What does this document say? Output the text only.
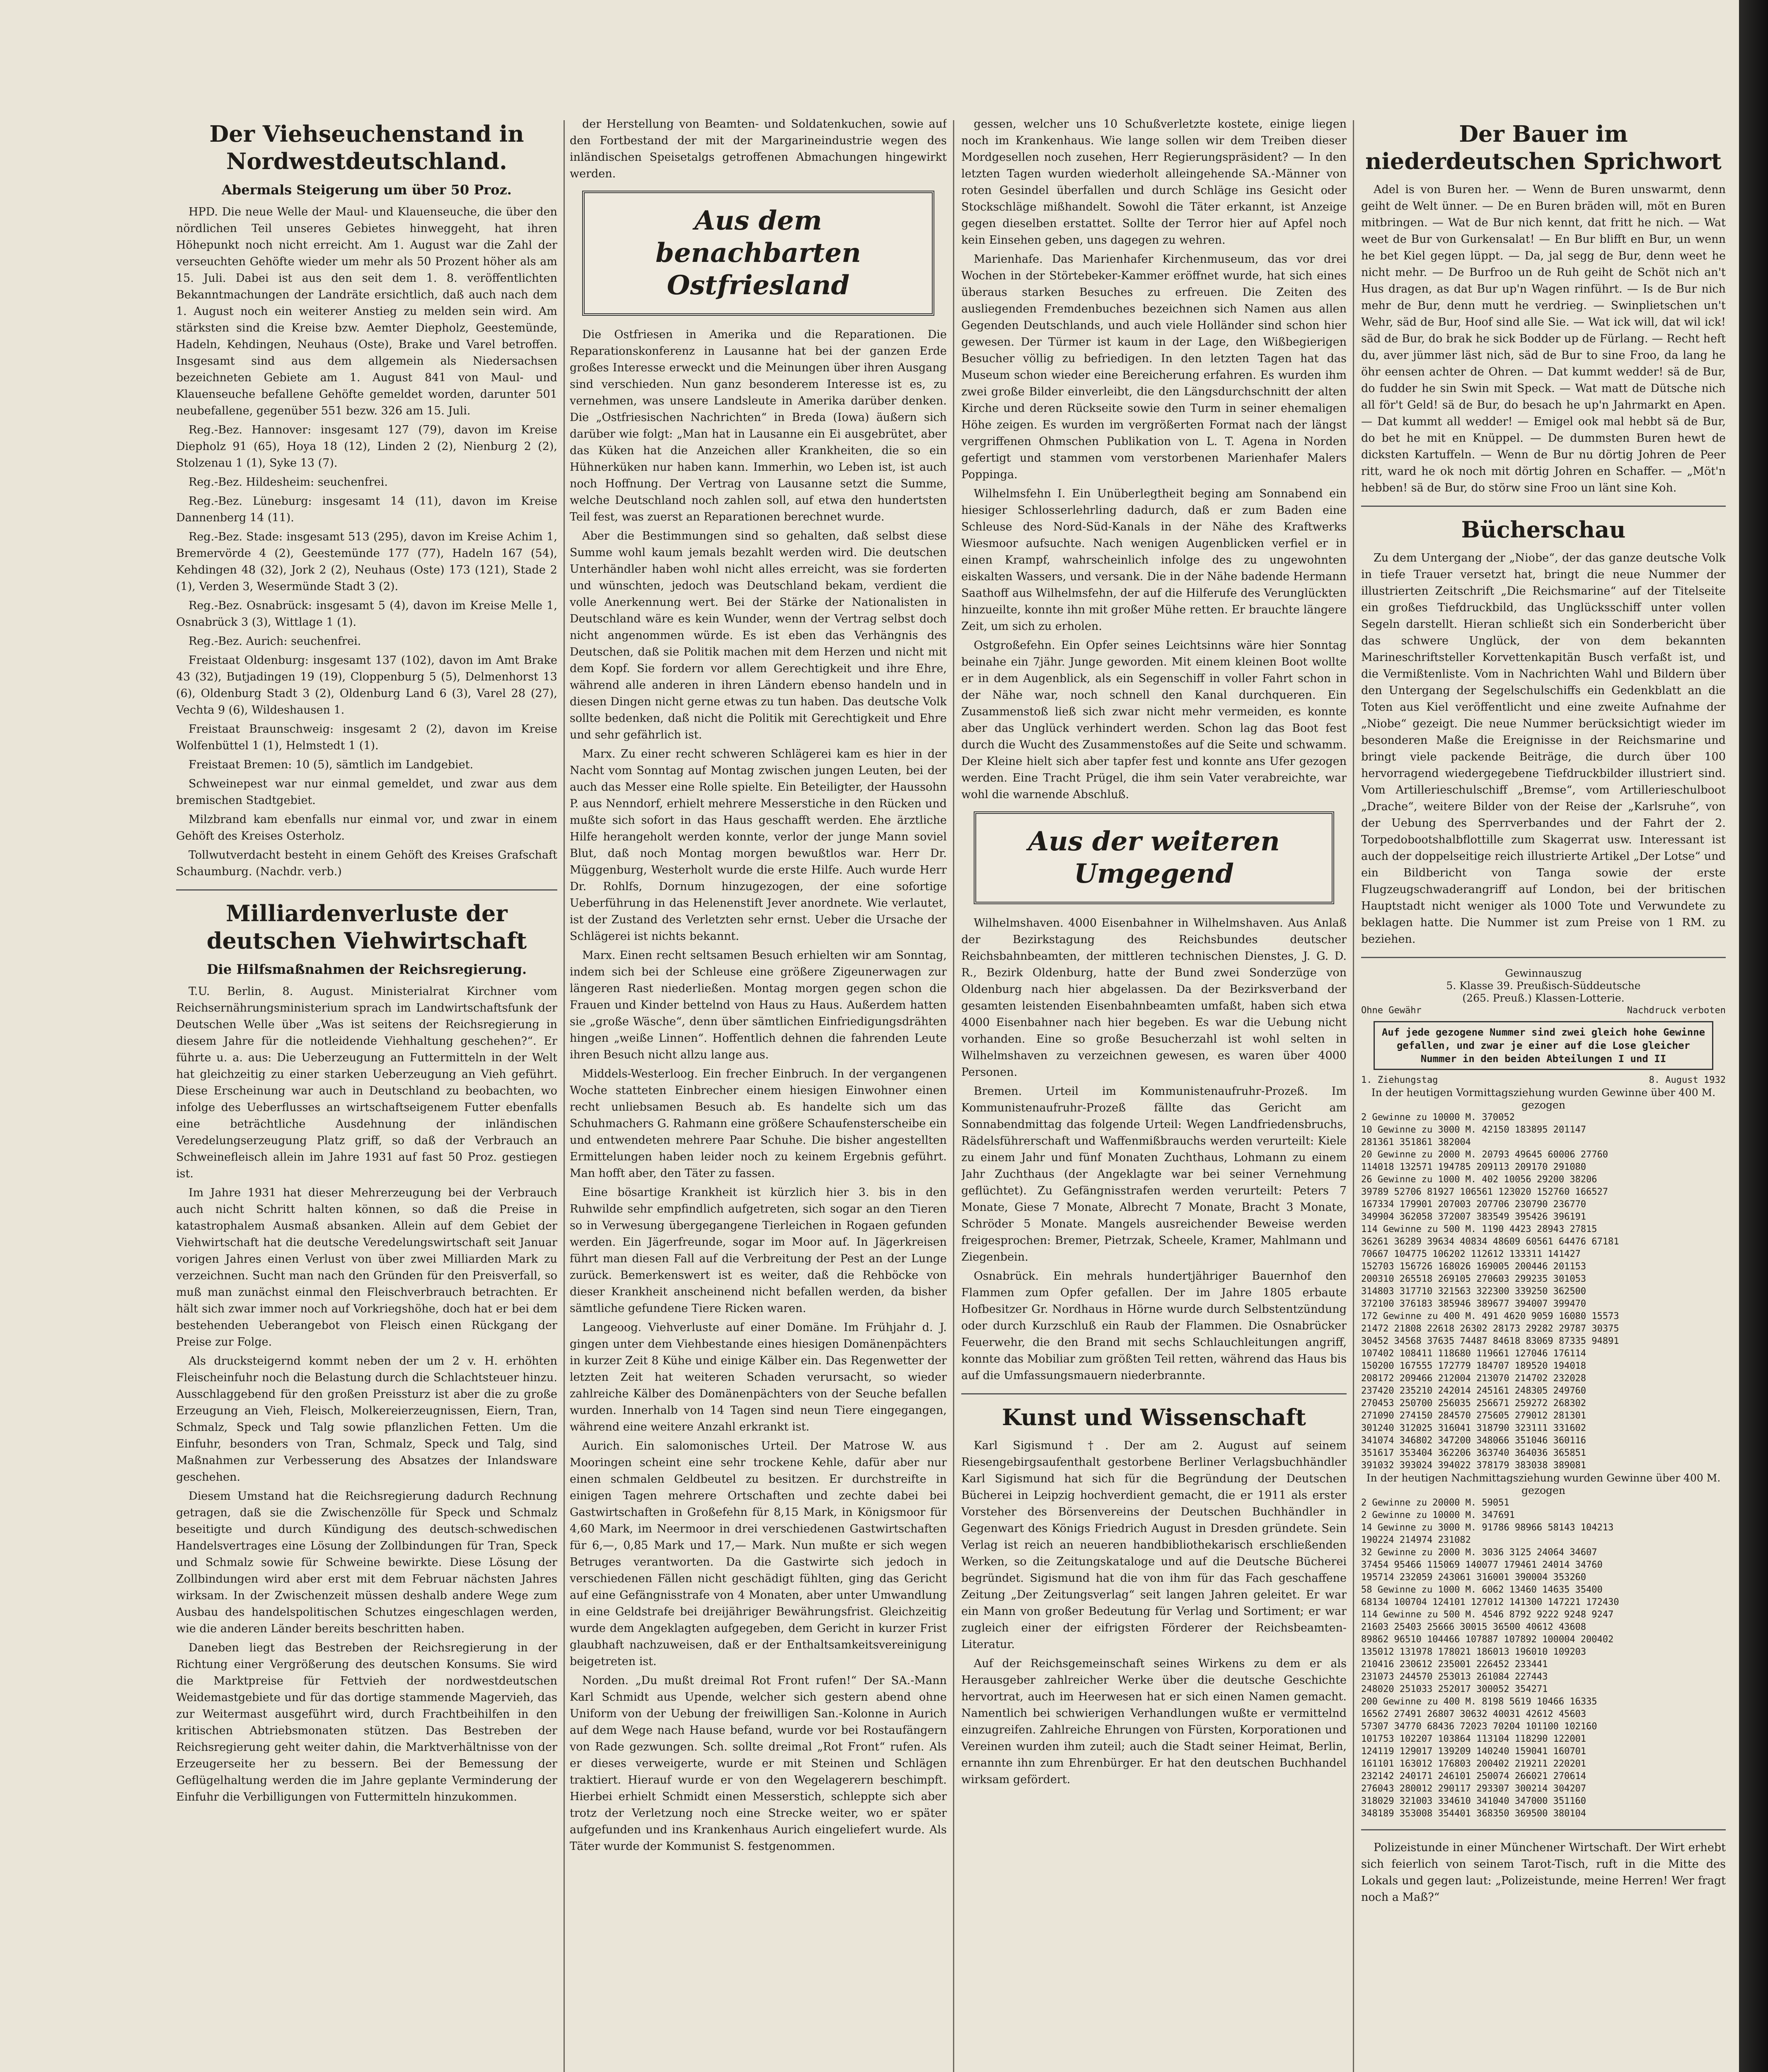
Der Viehseuchenstand in Nordwestdeutschland.
Abermals Steigerung um über 50 Proz.

HPD. Die neue Welle der Maul- und Klauenseuche, die über den nördlichen Teil unseres Gebietes hinweggeht, hat ihren Höhepunkt noch nicht erreicht. Am 1. August war die Zahl der verseuchten Gehöfte wieder um mehr als 50 Prozent höher als am 15. Juli. Dabei ist aus den seit dem 1. 8. veröffentlichten Bekanntmachungen der Landräte ersichtlich, daß auch nach dem 1. August noch ein weiterer Anstieg zu melden sein wird. Am stärksten sind die Kreise bzw. Aemter Diepholz, Geestemünde, Hadeln, Kehdingen, Neuhaus (Oste), Brake und Varel betroffen. Insgesamt sind aus dem allgemein als Niedersachsen bezeichneten Gebiete am 1. August 841 von Maul- und Klauenseuche befallene Gehöfte gemeldet worden, darunter 501 neubefallene, gegenüber 551 bezw. 326 am 15. Juli.

Reg.-Bez. Hannover: insgesamt 127 (79), davon im Kreise Diepholz 91 (65), Hoya 18 (12), Linden 2 (2), Nienburg 2 (2), Stolzenau 1 (1), Syke 13 (7).

Reg.-Bez. Hildesheim: seuchenfrei.

Reg.-Bez. Lüneburg: insgesamt 14 (11), davon im Kreise Dannenberg 14 (11).

Reg.-Bez. Stade: insgesamt 513 (295), davon im Kreise Achim 1, Bremervörde 4 (2), Geestemünde 177 (77), Hadeln 167 (54), Kehdingen 48 (32), Jork 2 (2), Neuhaus (Oste) 173 (121), Stade 2 (1), Verden 3, Wesermünde Stadt 3 (2).

Reg.-Bez. Osnabrück: insgesamt 5 (4), davon im Kreise Melle 1, Osnabrück 3 (3), Wittlage 1 (1).

Reg.-Bez. Aurich: seuchenfrei.

Freistaat Oldenburg: insgesamt 137 (102), davon im Amt Brake 43 (32), Butjadingen 19 (19), Cloppenburg 5 (5), Delmenhorst 13 (6), Oldenburg Stadt 3 (2), Oldenburg Land 6 (3), Varel 28 (27), Vechta 9 (6), Wildeshausen 1.

Freistaat Braunschweig: insgesamt 2 (2), davon im Kreise Wolfenbüttel 1 (1), Helmstedt 1 (1).

Freistaat Bremen: 10 (5), sämtlich im Landgebiet.

Schweinepest war nur einmal gemeldet, und zwar aus dem bremischen Stadtgebiet.

Milzbrand kam ebenfalls nur einmal vor, und zwar in einem Gehöft des Kreises Osterholz.

Tollwutverdacht besteht in einem Gehöft des Kreises Grafschaft Schaumburg. (Nachdr. verb.)

Milliardenverluste der deutschen Viehwirtschaft
Die Hilfsmaßnahmen der Reichsregierung.

T.U. Berlin, 8. August. Ministerialrat Kirchner vom Reichsernährungsministerium sprach im Landwirtschaftsfunk der Deutschen Welle über „Was ist seitens der Reichsregierung in diesem Jahre für die notleidende Viehhaltung geschehen?“. Er führte u. a. aus: Die Ueberzeugung an Futtermitteln in der Welt hat gleichzeitig zu einer starken Ueberzeugung an Vieh geführt. Diese Erscheinung war auch in Deutschland zu beobachten, wo infolge des Ueberflusses an wirtschaftseigenem Futter ebenfalls eine beträchtliche Ausdehnung der inländischen Veredelungserzeugung Platz griff, so daß der Verbrauch an Schweinefleisch allein im Jahre 1931 auf fast 50 Proz. gestiegen ist.

Im Jahre 1931 hat dieser Mehrerzeugung bei der Verbrauch auch nicht Schritt halten können, so daß die Preise in katastrophalem Ausmaß absanken. Allein auf dem Gebiet der Viehwirtschaft hat die deutsche Veredelungswirtschaft seit Januar vorigen Jahres einen Verlust von über zwei Milliarden Mark zu verzeichnen. Sucht man nach den Gründen für den Preisverfall, so muß man zunächst einmal den Fleischverbrauch betrachten. Er hält sich zwar immer noch auf Vorkriegshöhe, doch hat er bei dem bestehenden Ueberangebot von Fleisch einen Rückgang der Preise zur Folge.

Als drucksteigernd kommt neben der um 2 v. H. erhöhten Fleischeinfuhr noch die Belastung durch die Schlachtsteuer hinzu. Ausschlaggebend für den großen Preissturz ist aber die zu große Erzeugung an Vieh, Fleisch, Molkereierzeugnissen, Eiern, Tran, Schmalz, Speck und Talg sowie pflanzlichen Fetten. Um die Einfuhr, besonders von Tran, Schmalz, Speck und Talg, sind Maßnahmen zur Verbesserung des Absatzes der Inlandsware geschehen.

Diesem Umstand hat die Reichsregierung dadurch Rechnung getragen, daß sie die Zwischenzölle für Speck und Schmalz beseitigte und durch Kündigung des deutsch-schwedischen Handelsvertrages eine Lösung der Zollbindungen für Tran, Speck und Schmalz sowie für Schweine bewirkte. Diese Lösung der Zollbindungen wird aber erst mit dem Februar nächsten Jahres wirksam. In der Zwischenzeit müssen deshalb andere Wege zum Ausbau des handelspolitischen Schutzes eingeschlagen werden, wie die anderen Länder bereits beschritten haben.

Daneben liegt das Bestreben der Reichsregierung in der Richtung einer Vergrößerung des deutschen Konsums. Sie wird die Marktpreise für Fettvieh der nordwestdeutschen Weidemastgebiete und für das dortige stammende Magervieh, das zur Weitermast ausgeführt wird, durch Frachtbeihilfen in den kritischen Abtriebsmonaten stützen. Das Bestreben der Reichsregierung geht weiter dahin, die Marktverhältnisse von der Erzeugerseite her zu bessern. Bei der Bemessung der Geflügelhaltung werden die im Jahre geplante Verminderung der Einfuhr die Verbilligungen von Futtermitteln hinzukommen.

der Herstellung von Beamten- und Soldatenkuchen, sowie auf den Fortbestand der mit der Margarineindustrie wegen des inländischen Speisetalgs getroffenen Abmachungen hingewirkt werden.

Aus dem benachbarten Ostfriesland

Die Ostfriesen in Amerika und die Reparationen. Die Reparationskonferenz in Lausanne hat bei der ganzen Erde großes Interesse erweckt und die Meinungen über ihren Ausgang sind verschieden. Nun ganz besonderem Interesse ist es, zu vernehmen, was unsere Landsleute in Amerika darüber denken. Die „Ostfriesischen Nachrichten“ in Breda (Iowa) äußern sich darüber wie folgt: „Man hat in Lausanne ein Ei ausgebrütet, aber das Küken hat die Anzeichen aller Krankheiten, die so ein Hühnerküken nur haben kann. Immerhin, wo Leben ist, ist auch noch Hoffnung. Der Vertrag von Lausanne setzt die Summe, welche Deutschland noch zahlen soll, auf etwa den hundertsten Teil fest, was zuerst an Reparationen berechnet wurde.

Aber die Bestimmungen sind so gehalten, daß selbst diese Summe wohl kaum jemals bezahlt werden wird. Die deutschen Unterhändler haben wohl nicht alles erreicht, was sie forderten und wünschten, jedoch was Deutschland bekam, verdient die volle Anerkennung wert. Bei der Stärke der Nationalisten in Deutschland wäre es kein Wunder, wenn der Vertrag selbst doch nicht angenommen würde. Es ist eben das Verhängnis des Deutschen, daß sie Politik machen mit dem Herzen und nicht mit dem Kopf. Sie fordern vor allem Gerechtigkeit und ihre Ehre, während alle anderen in ihren Ländern ebenso handeln und in diesen Dingen nicht gerne etwas zu tun haben. Das deutsche Volk sollte bedenken, daß nicht die Politik mit Gerechtigkeit und Ehre und sehr gefährlich ist.

Marx. Zu einer recht schweren Schlägerei kam es hier in der Nacht vom Sonntag auf Montag zwischen jungen Leuten, bei der auch das Messer eine Rolle spielte. Ein Beteiligter, der Haussohn P. aus Nenndorf, erhielt mehrere Messerstiche in den Rücken und mußte sich sofort in das Haus geschafft werden. Ehe ärztliche Hilfe herangeholt werden konnte, verlor der junge Mann soviel Blut, daß noch Montag morgen bewußtlos war. Herr Dr. Müggenburg, Westerholt wurde die erste Hilfe. Auch wurde Herr Dr. Rohlfs, Dornum hinzugezogen, der eine sofortige Ueberführung in das Helenenstift Jever anordnete. Wie verlautet, ist der Zustand des Verletzten sehr ernst. Ueber die Ursache der Schlägerei ist nichts bekannt.

Marx. Einen recht seltsamen Besuch erhielten wir am Sonntag, indem sich bei der Schleuse eine größere Zigeunerwagen zur längeren Rast niederließen. Montag morgen gegen schon die Frauen und Kinder bettelnd von Haus zu Haus. Außerdem hatten sie „große Wäsche“, denn über sämtlichen Einfriedigungsdrähten hingen „weiße Linnen“. Hoffentlich dehnen die fahrenden Leute ihren Besuch nicht allzu lange aus.

Middels-Westerloog. Ein frecher Einbruch. In der vergangenen Woche statteten Einbrecher einem hiesigen Einwohner einen recht unliebsamen Besuch ab. Es handelte sich um das Schuhmachers G. Rahmann eine größere Schaufensterscheibe ein und entwendeten mehrere Paar Schuhe. Die bisher angestellten Ermittelungen haben leider noch zu keinem Ergebnis geführt. Man hofft aber, den Täter zu fassen.

Eine bösartige Krankheit ist kürzlich hier 3. bis in den Ruhwilde sehr empfindlich aufgetreten, sich sogar an den Tieren so in Verwesung übergegangene Tierleichen in Rogaen gefunden werden. Ein Jägerfreunde, sogar im Moor auf. In Jägerkreisen führt man diesen Fall auf die Verbreitung der Pest an der Lunge zurück. Bemerkenswert ist es weiter, daß die Rehböcke von dieser Krankheit anscheinend nicht befallen werden, da bisher sämtliche gefundene Tiere Ricken waren.

Langeoog. Viehverluste auf einer Domäne. Im Frühjahr d. J. gingen unter dem Viehbestande eines hiesigen Domänenpächters in kurzer Zeit 8 Kühe und einige Kälber ein. Das Regenwetter der letzten Zeit hat weiteren Schaden verursacht, so wieder zahlreiche Kälber des Domänenpächters von der Seuche befallen wurden. Innerhalb von 14 Tagen sind neun Tiere eingegangen, während eine weitere Anzahl erkrankt ist.

Aurich. Ein salomonisches Urteil. Der Matrose W. aus Mooringen scheint eine sehr trockene Kehle, dafür aber nur einen schmalen Geldbeutel zu besitzen. Er durchstreifte in einigen Tagen mehrere Ortschaften und zechte dabei bei Gastwirtschaften in Großefehn für 8,15 Mark, in Königsmoor für 4,60 Mark, im Neermoor in drei verschiedenen Gastwirtschaften für 6,—, 0,85 Mark und 17,— Mark. Nun mußte er sich wegen Betruges verantworten. Da die Gastwirte sich jedoch in verschiedenen Fällen nicht geschädigt fühlten, ging das Gericht auf eine Gefängnisstrafe von 4 Monaten, aber unter Umwandlung in eine Geldstrafe bei dreijähriger Bewährungsfrist. Gleichzeitig wurde dem Angeklagten aufgegeben, dem Gericht in kurzer Frist glaubhaft nachzuweisen, daß er der Enthaltsamkeitsvereinigung beigetreten ist.

Norden. „Du mußt dreimal Rot Front rufen!“ Der SA.-Mann Karl Schmidt aus Upende, welcher sich gestern abend ohne Uniform von der Uebung der freiwilligen San.-Kolonne in Aurich auf dem Wege nach Hause befand, wurde vor bei Rostaufängern von Rade gezwungen. Sch. sollte dreimal „Rot Front“ rufen. Als er dieses verweigerte, wurde er mit Steinen und Schlägen traktiert. Hierauf wurde er von den Wegelagerern beschimpft. Hierbei erhielt Schmidt einen Messerstich, schleppte sich aber trotz der Verletzung noch eine Strecke weiter, wo er später aufgefunden und ins Krankenhaus Aurich eingeliefert wurde. Als Täter wurde der Kommunist S. festgenommen.

gessen, welcher uns 10 Schußverletzte kostete, einige liegen noch im Krankenhaus. Wie lange sollen wir dem Treiben dieser Mordgesellen noch zusehen, Herr Regierungspräsident? — In den letzten Tagen wurden wiederholt alleingehende SA.-Männer von roten Gesindel überfallen und durch Schläge ins Gesicht oder Stockschläge mißhandelt. Sowohl die Täter erkannt, ist Anzeige gegen dieselben erstattet. Sollte der Terror hier auf Apfel noch kein Einsehen geben, uns dagegen zu wehren.

Marienhafe. Das Marienhafer Kirchenmuseum, das vor drei Wochen in der Störtebeker-Kammer eröffnet wurde, hat sich eines überaus starken Besuches zu erfreuen. Die Zeiten des ausliegenden Fremdenbuches bezeichnen sich Namen aus allen Gegenden Deutschlands, und auch viele Holländer sind schon hier gewesen. Der Türmer ist kaum in der Lage, den Wißbegierigen Besucher völlig zu befriedigen. In den letzten Tagen hat das Museum schon wieder eine Bereicherung erfahren. Es wurden ihm zwei große Bilder einverleibt, die den Längsdurchschnitt der alten Kirche und deren Rückseite sowie den Turm in seiner ehemaligen Höhe zeigen. Es wurden im vergrößerten Format nach der längst vergriffenen Ohmschen Publikation von L. T. Agena in Norden gefertigt und stammen vom verstorbenen Marienhafer Malers Poppinga.

Wilhelmsfehn I. Ein Unüberlegtheit beging am Sonnabend ein hiesiger Schlosserlehrling dadurch, daß er zum Baden eine Schleuse des Nord-Süd-Kanals in der Nähe des Kraftwerks Wiesmoor aufsuchte. Nach wenigen Augenblicken verfiel er in einen Krampf, wahrscheinlich infolge des zu ungewohnten eiskalten Wassers, und versank. Die in der Nähe badende Hermann Saathoff aus Wilhelmsfehn, der auf die Hilferufe des Verunglückten hinzueilte, konnte ihn mit großer Mühe retten. Er brauchte längere Zeit, um sich zu erholen.

Ostgroßefehn. Ein Opfer seines Leichtsinns wäre hier Sonntag beinahe ein 7jähr. Junge geworden. Mit einem kleinen Boot wollte er in dem Augenblick, als ein Segenschiff in voller Fahrt schon in der Nähe war, noch schnell den Kanal durchqueren. Ein Zusammenstoß ließ sich zwar nicht mehr vermeiden, es konnte aber das Unglück verhindert werden. Schon lag das Boot fest durch die Wucht des Zusammenstoßes auf die Seite und schwamm. Der Kleine hielt sich aber tapfer fest und konnte ans Ufer gezogen werden. Eine Tracht Prügel, die ihm sein Vater verabreichte, war wohl die warnende Abschluß.

Aus der weiteren Umgegend

Wilhelmshaven. 4000 Eisenbahner in Wilhelmshaven. Aus Anlaß der Bezirkstagung des Reichsbundes deutscher Reichsbahnbeamten, der mittleren technischen Dienstes, J. G. D. R., Bezirk Oldenburg, hatte der Bund zwei Sonderzüge von Oldenburg nach hier abgelassen. Da der Bezirksverband der gesamten leistenden Eisenbahnbeamten umfaßt, haben sich etwa 4000 Eisenbahner nach hier begeben. Es war die Uebung nicht vorhanden. Eine so große Besucherzahl ist wohl selten in Wilhelmshaven zu verzeichnen gewesen, es waren über 4000 Personen.

Bremen. Urteil im Kommunistenaufruhr-Prozeß. Im Kommunistenaufruhr-Prozeß fällte das Gericht am Sonnabendmittag das folgende Urteil: Wegen Landfriedensbruchs, Rädelsführerschaft und Waffenmißbrauchs werden verurteilt: Kiele zu einem Jahr und fünf Monaten Zuchthaus, Lohmann zu einem Jahr Zuchthaus (der Angeklagte war bei seiner Vernehmung geflüchtet). Zu Gefängnisstrafen werden verurteilt: Peters 7 Monate, Giese 7 Monate, Albrecht 7 Monate, Bracht 3 Monate, Schröder 5 Monate. Mangels ausreichender Beweise werden freigesprochen: Bremer, Pietrzak, Scheele, Kramer, Mahlmann und Ziegenbein.

Osnabrück. Ein mehrals hundertjähriger Bauernhof den Flammen zum Opfer gefallen. Der im Jahre 1805 erbaute Hofbesitzer Gr. Nordhaus in Hörne wurde durch Selbstentzündung oder durch Kurzschluß ein Raub der Flammen. Die Osnabrücker Feuerwehr, die den Brand mit sechs Schlauchleitungen angriff, konnte das Mobiliar zum größten Teil retten, während das Haus bis auf die Umfassungsmauern niederbrannte.

Kunst und Wissenschaft

Karl Sigismund †. Der am 2. August auf seinem Riesengebirgsaufenthalt gestorbene Berliner Verlagsbuchhändler Karl Sigismund hat sich für die Begründung der Deutschen Bücherei in Leipzig hochverdient gemacht, die er 1911 als erster Vorsteher des Börsenvereins der Deutschen Buchhändler in Gegenwart des Königs Friedrich August in Dresden gründete. Sein Verlag ist reich an neueren handbibliothekarisch erschließenden Werken, so die Zeitungskataloge und auf die Deutsche Bücherei begründet. Sigismund hat die von ihm für das Fach geschaffene Zeitung „Der Zeitungsverlag“ seit langen Jahren geleitet. Er war ein Mann von großer Bedeutung für Verlag und Sortiment; er war zugleich einer der eifrigsten Förderer der Reichsbeamten-Literatur.

Auf der Reichsgemeinschaft seines Wirkens zu dem er als Herausgeber zahlreicher Werke über die deutsche Geschichte hervortrat, auch im Heerwesen hat er sich einen Namen gemacht. Namentlich bei schwierigen Verhandlungen wußte er vermittelnd einzugreifen. Zahlreiche Ehrungen von Fürsten, Korporationen und Vereinen wurden ihm zuteil; auch die Stadt seiner Heimat, Berlin, ernannte ihn zum Ehrenbürger. Er hat den deutschen Buchhandel wirksam gefördert.

Der Bauer im niederdeutschen Sprichwort

Adel is von Buren her. — Wenn de Buren unswarmt, denn geiht de Welt ünner. — De en Buren bräden will, möt en Buren mitbringen. — Wat de Bur nich kennt, dat fritt he nich. — Wat weet de Bur von Gurkensalat! — En Bur blifft en Bur, un wenn he bet Kiel gegen lüppt. — Da, jal segg de Bur, denn weet he nicht mehr. — De Burfroo un de Ruh geiht de Schöt nich an't Hus dragen, as dat Bur up'n Wagen rinführt. — Is de Bur nich mehr de Bur, denn mutt he verdrieg. — Swinplietschen un't Wehr, säd de Bur, Hoof sind alle Sie. — Wat ick will, dat wil ick! säd de Bur, do brak he sick Bodder up de Fürlang. — Recht heft du, aver jümmer läst nich, säd de Bur to sine Froo, da lang he öhr eensen achter de Ohren. — Dat kummt wedder! sä de Bur, do fudder he sin Swin mit Speck. — Wat matt de Dütsche nich all för't Geld! sä de Bur, do besach he up'n Jahrmarkt en Apen. — Dat kummt all wedder! — Emigel ook mal hebbt sä de Bur, do bet he mit en Knüppel. — De dummsten Buren hewt de dicksten Kartuffeln. — Wenn de Bur nu dörtig Johren de Peer ritt, ward he ok noch mit dörtig Johren en Schaffer. — „Möt'n hebben! sä de Bur, do störw sine Froo un länt sine Koh.

Bücherschau

Zu dem Untergang der „Niobe“, der das ganze deutsche Volk in tiefe Trauer versetzt hat, bringt die neue Nummer der illustrierten Zeitschrift „Die Reichsmarine“ auf der Titelseite ein großes Tiefdruckbild, das Unglücksschiff unter vollen Segeln darstellt. Hieran schließt sich ein Sonderbericht über das schwere Unglück, der von dem bekannten Marineschriftsteller Korvettenkapitän Busch verfaßt ist, und die Vermißtenliste. Vom in Nachrichten Wahl und Bildern über den Untergang der Segelschulschiffs ein Gedenkblatt an die Toten aus Kiel veröffentlicht und eine zweite Aufnahme der „Niobe“ gezeigt. Die neue Nummer berücksichtigt wieder im besonderen Maße die Ereignisse in der Reichsmarine und bringt viele packende Beiträge, die durch über 100 hervorragend wiedergegebene Tiefdruckbilder illustriert sind. Vom Artillerieschulschiff „Bremse“, vom Artillerieschulboot „Drache“, weitere Bilder von der Reise der „Karlsruhe“, von der Uebung des Sperrverbandes und der Fahrt der 2. Torpedobootshalbflottille zum Skagerrat usw. Interessant ist auch der doppelseitige reich illustrierte Artikel „Der Lotse“ und ein Bildbericht von Tanga sowie der erste Flugzeugschwaderangriff auf London, bei der britischen Hauptstadt nicht weniger als 1000 Tote und Verwundete zu beklagen hatte. Die Nummer ist zum Preise von 1 RM. zu beziehen.

Gewinnauszug
5. Klasse 39. Preußisch-Süddeutsche
(265. Preuß.) Klassen-Lotterie.
Ohne Gewähr	Nachdruck verboten
Auf jede gezogene Nummer sind zwei gleich hohe Gewinne gefallen, und zwar je einer auf die Lose gleicher Nummer in den beiden Abteilungen I und II
1. Ziehungstag	8. August 1932
In der heutigen Vormittagsziehung wurden Gewinne über 400 M. gezogen
2 Gewinne zu 10000 M. 370052
10 Gewinne zu 3000 M. 42150 183895 201147
281361 351861 382004
20 Gewinne zu 2000 M. 20793 49645 60006 27760
114018 132571 194785 209113 209170 291080
26 Gewinne zu 1000 M. 402 10056 29200 38206
39789 52706 81927 106561 123020 152760 166527
167334 179901 207003 207706 230790 236770
349904 362058 372007 383549 395426 396191
114 Gewinne zu 500 M. 1190 4423 28943 27815
36261 36289 39634 40834 48609 60561 64476 67181
70667 104775 106202 112612 133311 141427
152703 156726 168026 169005 200446 201153
200310 265518 269105 270603 299235 301053
314803 317710 321563 322300 339250 362500
372100 376183 385946 389677 394007 399470
172 Gewinne zu 400 M. 491 4620 9059 16080 15573
21472 21808 22618 26302 28173 29282 29787 30375
30452 34568 37635 74487 84618 83069 87335 94891
107402 108411 118680 119661 127046 176114
150200 167555 172779 184707 189520 194018
208172 209466 212004 213070 214702 232028
237420 235210 242014 245161 248305 249760
270453 250700 256035 256671 259272 268302
271090 274150 284570 275605 279012 281301
301240 312025 316041 318790 323111 331602
341074 346802 347200 348066 351046 360116
351617 353404 362206 363740 364036 365851
391032 393024 394022 378179 383038 389081
In der heutigen Nachmittagsziehung wurden Gewinne über 400 M. gezogen
2 Gewinne zu 20000 M. 59051
2 Gewinne zu 10000 M. 347691
14 Gewinne zu 3000 M. 91786 98966 58143 104213
190224 214974 231082
32 Gewinne zu 2000 M. 3036 3125 24064 34607
37454 95466 115069 140077 179461 24014 34760
195714 232059 243061 316001 390004 353260
58 Gewinne zu 1000 M. 6062 13460 14635 35400
68134 100704 124101 127012 141300 147221 172430
114 Gewinne zu 500 M. 4546 8792 9222 9248 9247
21603 25403 25666 30015 36500 40612 43608
89862 96510 104466 107887 107892 100004 200402
135012 131978 178021 186013 196010 109203
210416 230612 235001 226452 233441
231073 244570 253013 261084 227443
248020 251033 252017 300052 354271
200 Gewinne zu 400 M. 8198 5619 10466 16335
16562 27491 26807 30632 40031 42612 45603
57307 34770 68436 72023 70204 101100 102160
101753 102207 103864 113104 118290 122001
124119 129017 139209 140240 159041 160701
161101 163012 176803 200402 219211 220201
232142 240171 246101 250074 266021 270614
276043 280012 290117 293307 300214 304207
318029 321003 334610 341040 347000 351160
348189 353008 354401 368350 369500 380104

Polizeistunde in einer Münchener Wirtschaft. Der Wirt erhebt sich feierlich von seinem Tarot-Tisch, ruft in die Mitte des Lokals und gegen laut: „Polizeistunde, meine Herren! Wer fragt noch a Maß?“
